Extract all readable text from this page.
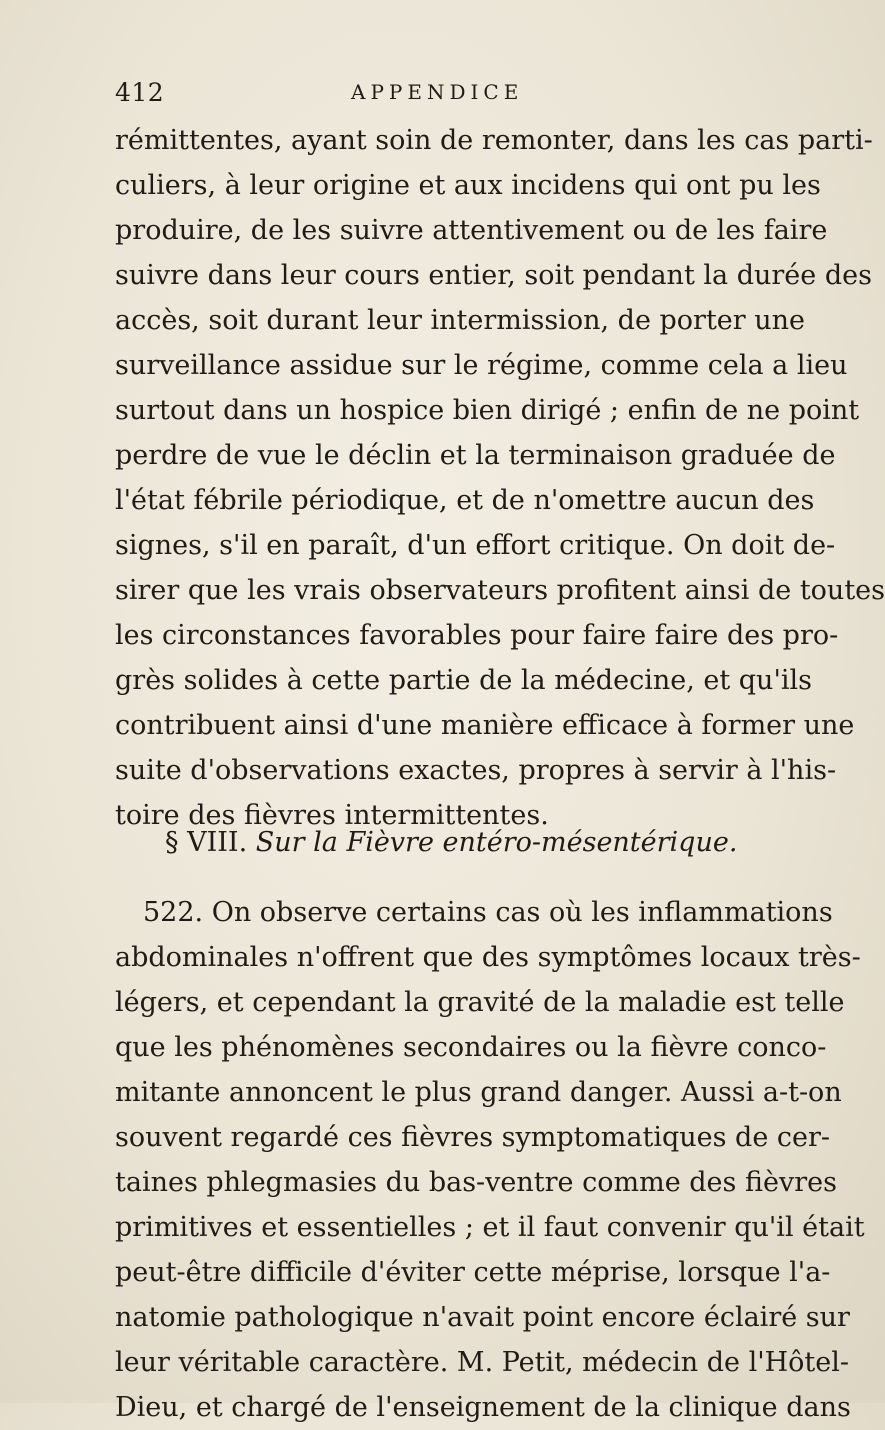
412	APPENDICE
rémittentes, ayant soin de remonter, dans les cas parti-
culiers, à leur origine et aux incidens qui ont pu les
produire, de les suivre attentivement ou de les faire
suivre dans leur cours entier, soit pendant la durée des
accès, soit durant leur intermission, de porter une
surveillance assidue sur le régime, comme cela a lieu
surtout dans un hospice bien dirigé ; enfin de ne point
perdre de vue le déclin et la terminaison graduée de
l'état fébrile périodique, et de n'omettre aucun des
signes, s'il en paraît, d'un effort critique. On doit de-
sirer que les vrais observateurs profitent ainsi de toutes
les circonstances favorables pour faire faire des pro-
grès solides à cette partie de la médecine, et qu'ils
contribuent ainsi d'une manière efficace à former une
suite d'observations exactes, propres à servir à l'his-
toire des fièvres intermittentes.
§ VIII. Sur la Fièvre entéro-mésentérique.
522. On observe certains cas où les inflammations
abdominales n'offrent que des symptômes locaux très-
légers, et cependant la gravité de la maladie est telle
que les phénomènes secondaires ou la fièvre conco-
mitante annoncent le plus grand danger. Aussi a-t-on
souvent regardé ces fièvres symptomatiques de cer-
taines phlegmasies du bas-ventre comme des fièvres
primitives et essentielles ; et il faut convenir qu'il était
peut-être difficile d'éviter cette méprise, lorsque l'a-
natomie pathologique n'avait point encore éclairé sur
leur véritable caractère. M. Petit, médecin de l'Hôtel-
Dieu, et chargé de l'enseignement de la clinique dans
